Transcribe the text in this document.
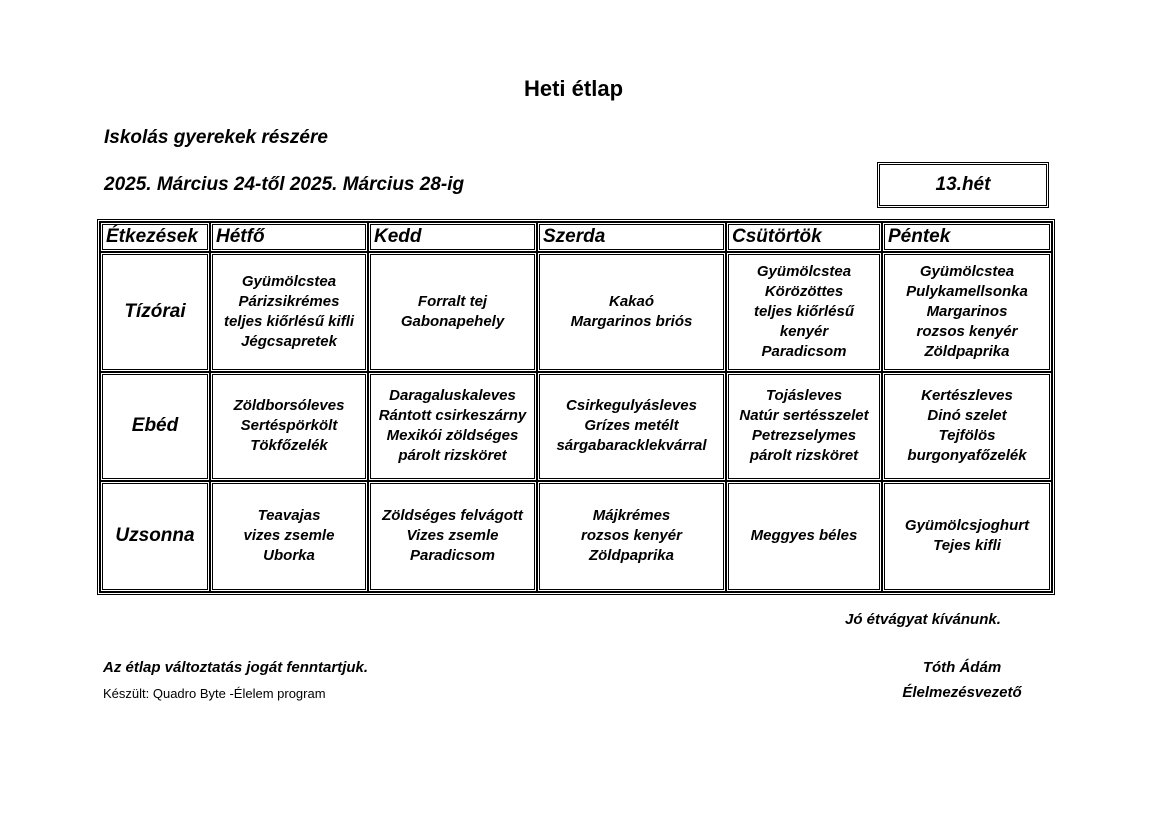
Heti étlap
Iskolás gyerekek részére
2025. Március 24-től 2025. Március 28-ig	13.hét
Étkezések	Hétfő	Kedd	Szerda	Csütörtök	Péntek
Tízórai	Gyümölcstea
Párizsikrémes
teljes kiőrlésű kifli
Jégcsapretek	Forralt tej
Gabonapehely	Kakaó
Margarinos briós	Gyümölcstea
Körözöttes
teljes kiőrlésű
kenyér
Paradicsom	Gyümölcstea
Pulykamellsonka
Margarinos
rozsos kenyér
Zöldpaprika

Ebéd	Zöldborsóleves
Sertéspörkölt
Tökfőzelék	Daragaluskaleves
Rántott csirkeszárny
Mexikói zöldséges
párolt rizsköret	Csirkegulyásleves
Grízes metélt
sárgabaracklekvárral	Tojásleves
Natúr sertésszelet
Petrezselymes
párolt rizsköret	Kertészleves
Dinó szelet
Tejfölös
burgonyafőzelék

Uzsonna	Teavajas
vizes zsemle
Uborka	Zöldséges felvágott
Vizes zsemle
Paradicsom	Májkrémes
rozsos kenyér
Zöldpaprika	Meggyes béles	Gyümölcsjoghurt
Tejes kifli
Jó étvágyat kívánunk.
Az étlap változtatás jogát fenntartjuk.
Készült: Quadro Byte -Élelem program
Tóth Ádám
Élelmezésvezető
